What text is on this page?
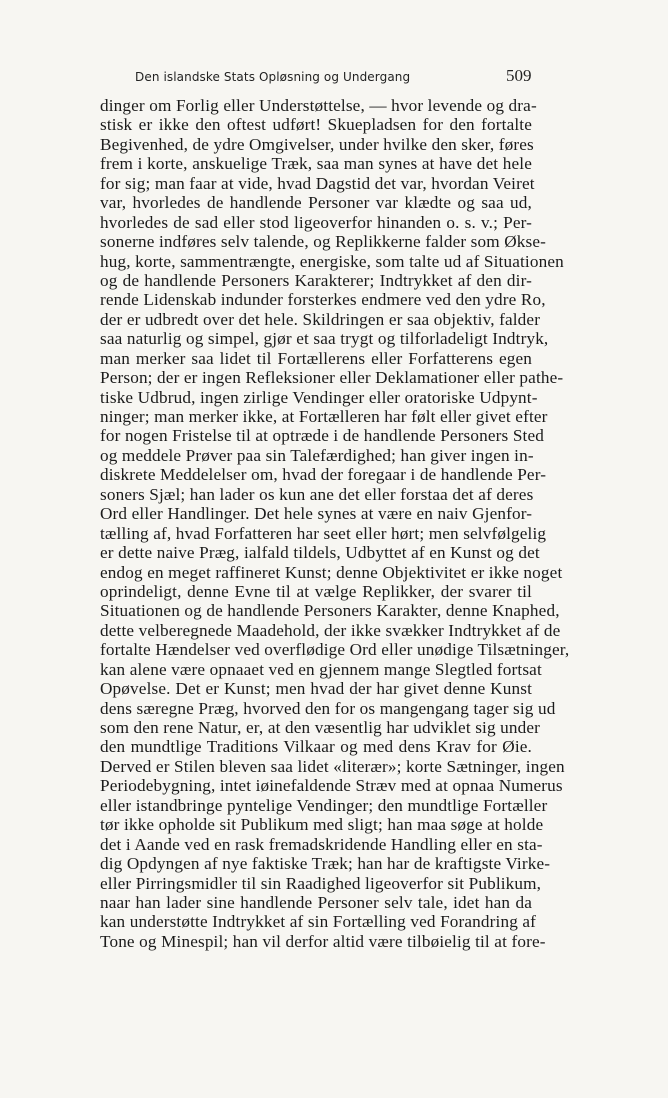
Den islandske Stats Opløsning og Undergang	509
dinger om Forlig eller Understøttelse, — hvor levende og dra-
stisk er ikke den oftest udført! Skuepladsen for den fortalte
Begivenhed, de ydre Omgivelser, under hvilke den sker, føres
frem i korte, anskuelige Træk, saa man synes at have det hele
for sig; man faar at vide, hvad Dagstid det var, hvordan Veiret
var, hvorledes de handlende Personer var klædte og saa ud,
hvorledes de sad eller stod ligeoverfor hinanden o. s. v.; Per-
sonerne indføres selv talende, og Replikkerne falder som Økse-
hug, korte, sammentrængte, energiske, som talte ud af Situationen
og de handlende Personers Karakterer; Indtrykket af den dir-
rende Lidenskab indunder forsterkes endmere ved den ydre Ro,
der er udbredt over det hele. Skildringen er saa objektiv, falder
saa naturlig og simpel, gjør et saa trygt og tilforladeligt Indtryk,
man merker saa lidet til Fortællerens eller Forfatterens egen
Person; der er ingen Refleksioner eller Deklamationer eller pathe-
tiske Udbrud, ingen zirlige Vendinger eller oratoriske Udpynt-
ninger; man merker ikke, at Fortælleren har følt eller givet efter
for nogen Fristelse til at optræde i de handlende Personers Sted
og meddele Prøver paa sin Talefærdighed; han giver ingen in-
diskrete Meddelelser om, hvad der foregaar i de handlende Per-
soners Sjæl; han lader os kun ane det eller forstaa det af deres
Ord eller Handlinger. Det hele synes at være en naiv Gjenfor-
tælling af, hvad Forfatteren har seet eller hørt; men selvfølgelig
er dette naive Præg, ialfald tildels, Udbyttet af en Kunst og det
endog en meget raffineret Kunst; denne Objektivitet er ikke noget
oprindeligt, denne Evne til at vælge Replikker, der svarer til
Situationen og de handlende Personers Karakter, denne Knaphed,
dette velberegnede Maadehold, der ikke svækker Indtrykket af de
fortalte Hændelser ved overflødige Ord eller unødige Tilsætninger,
kan alene være opnaaet ved en gjennem mange Slegtled fortsat
Opøvelse. Det er Kunst; men hvad der har givet denne Kunst
dens særegne Præg, hvorved den for os mangengang tager sig ud
som den rene Natur, er, at den væsentlig har udviklet sig under
den mundtlige Traditions Vilkaar og med dens Krav for Øie.
Derved er Stilen bleven saa lidet «literær»; korte Sætninger, ingen
Periodebygning, intet iøinefaldende Stræv med at opnaa Numerus
eller istandbringe pyntelige Vendinger; den mundtlige Fortæller
tør ikke opholde sit Publikum med sligt; han maa søge at holde
det i Aande ved en rask fremadskridende Handling eller en sta-
dig Opdyngen af nye faktiske Træk; han har de kraftigste Virke-
eller Pirringsmidler til sin Raadighed ligeoverfor sit Publikum,
naar han lader sine handlende Personer selv tale, idet han da
kan understøtte Indtrykket af sin Fortælling ved Forandring af
Tone og Minespil; han vil derfor altid være tilbøielig til at fore-
